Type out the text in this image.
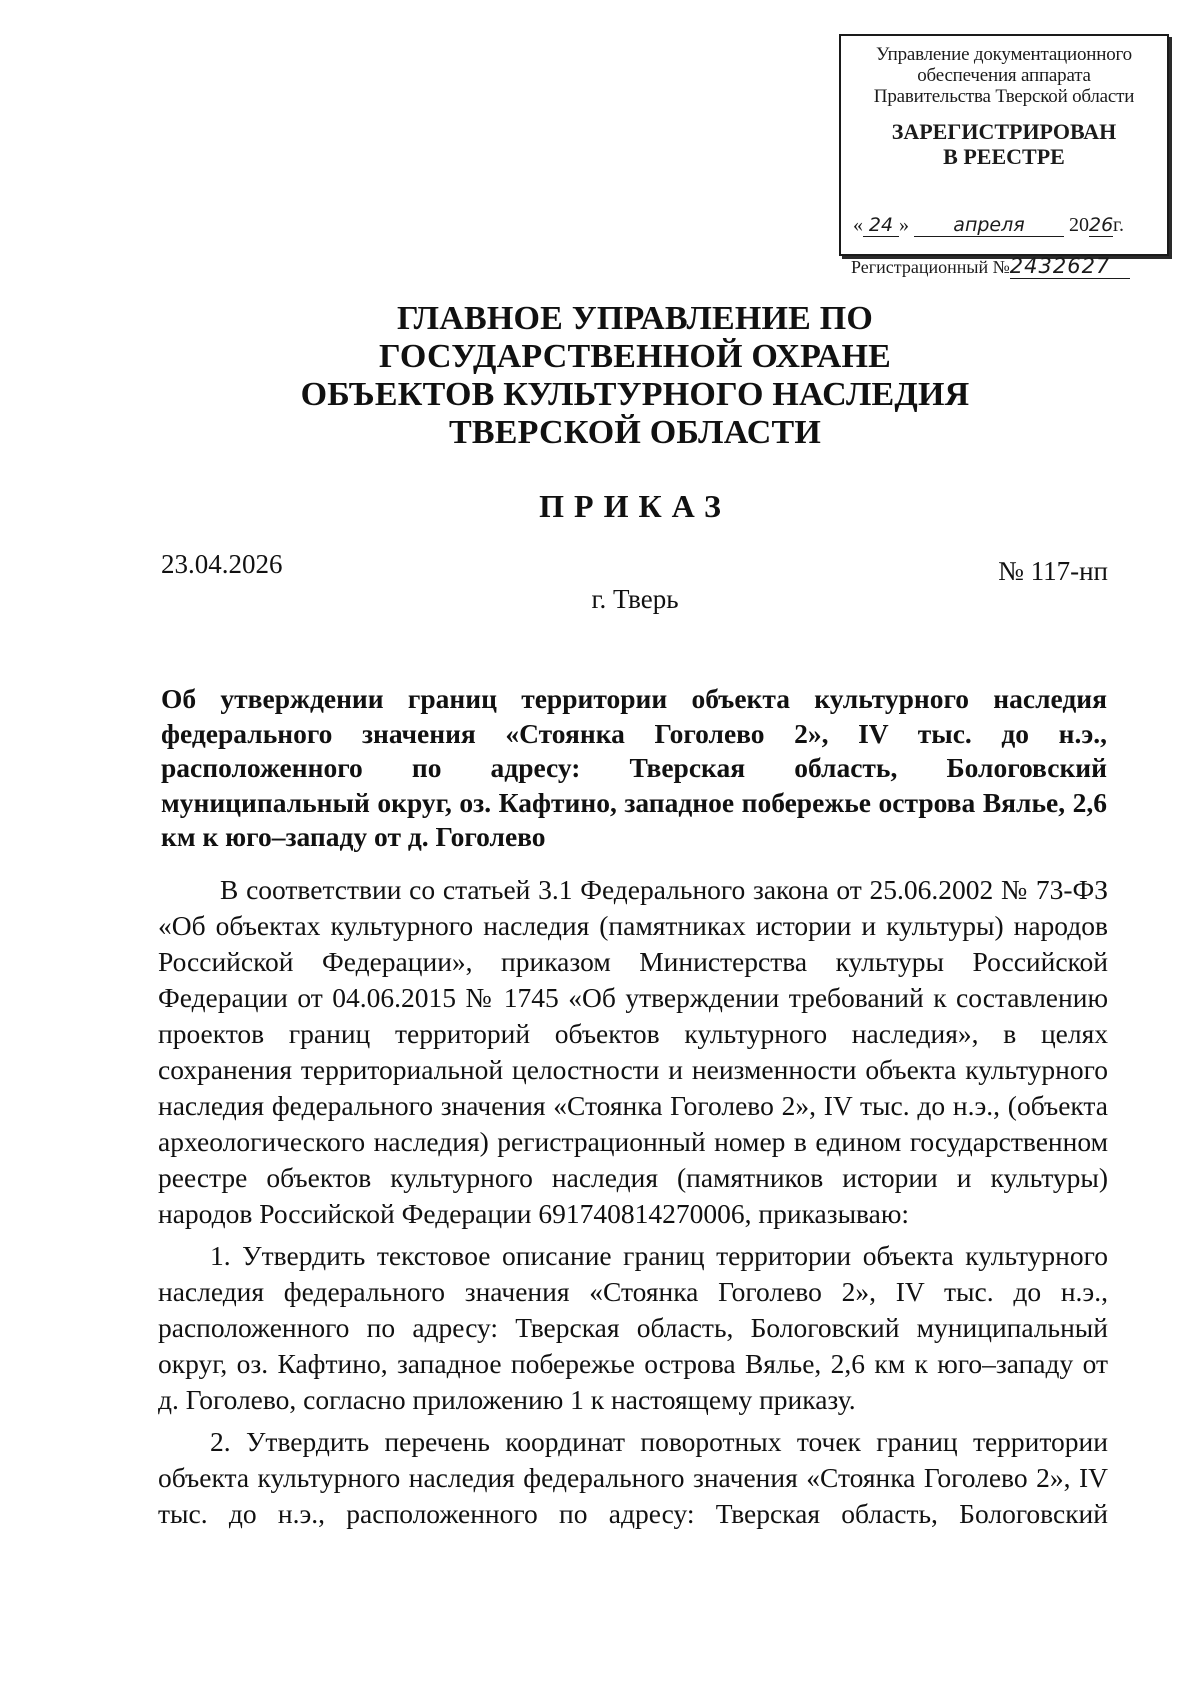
Управление документационного
обеспечения аппарата
Правительства Тверской области
ЗАРЕГИСТРИРОВАН
В РЕЕСТРЕ
« 24 » апреля 2026г.
Регистрационный №2432627
ГЛАВНОЕ УПРАВЛЕНИЕ ПО
ГОСУДАРСТВЕННОЙ ОХРАНЕ
ОБЪЕКТОВ КУЛЬТУРНОГО НАСЛЕДИЯ
ТВЕРСКОЙ ОБЛАСТИ
ПРИКАЗ
23.04.2026	№ 117-нп
г. Тверь
Об утверждении границ территории объекта культурного наследия федерального значения «Стоянка Гоголево 2», IV тыс. до н.э., расположенного по адресу: Тверская область, Бологовский муниципальный округ, оз. Кафтино, западное побережье острова Вялье, 2,6 км к юго–западу от д. Гоголево

В соответствии со статьей 3.1 Федерального закона от 25.06.2002 № 73-ФЗ «Об объектах культурного наследия (памятниках истории и культуры) народов Российской Федерации», приказом Министерства культуры Российской Федерации от 04.06.2015 № 1745 «Об утверждении требований к составлению проектов границ территорий объектов культурного наследия», в целях сохранения территориальной целостности и неизменности объекта культурного наследия федерального значения «Стоянка Гоголево 2», IV тыс. до н.э., (объекта археологического наследия) регистрационный номер в едином государственном реестре объектов культурного наследия (памятников истории и культуры) народов Российской Федерации 691740814270006, приказываю:

1. Утвердить текстовое описание границ территории объекта культурного наследия федерального значения «Стоянка Гоголево 2», IV тыс. до н.э., расположенного по адресу: Тверская область, Бологовский муниципальный округ, оз. Кафтино, западное побережье острова Вялье, 2,6 км к юго–западу от д. Гоголево, согласно приложению 1 к настоящему приказу.

2. Утвердить перечень координат поворотных точек границ территории объекта культурного наследия федерального значения «Стоянка Гоголево 2», IV тыс. до н.э., расположенного по адресу: Тверская область, Бологовский
